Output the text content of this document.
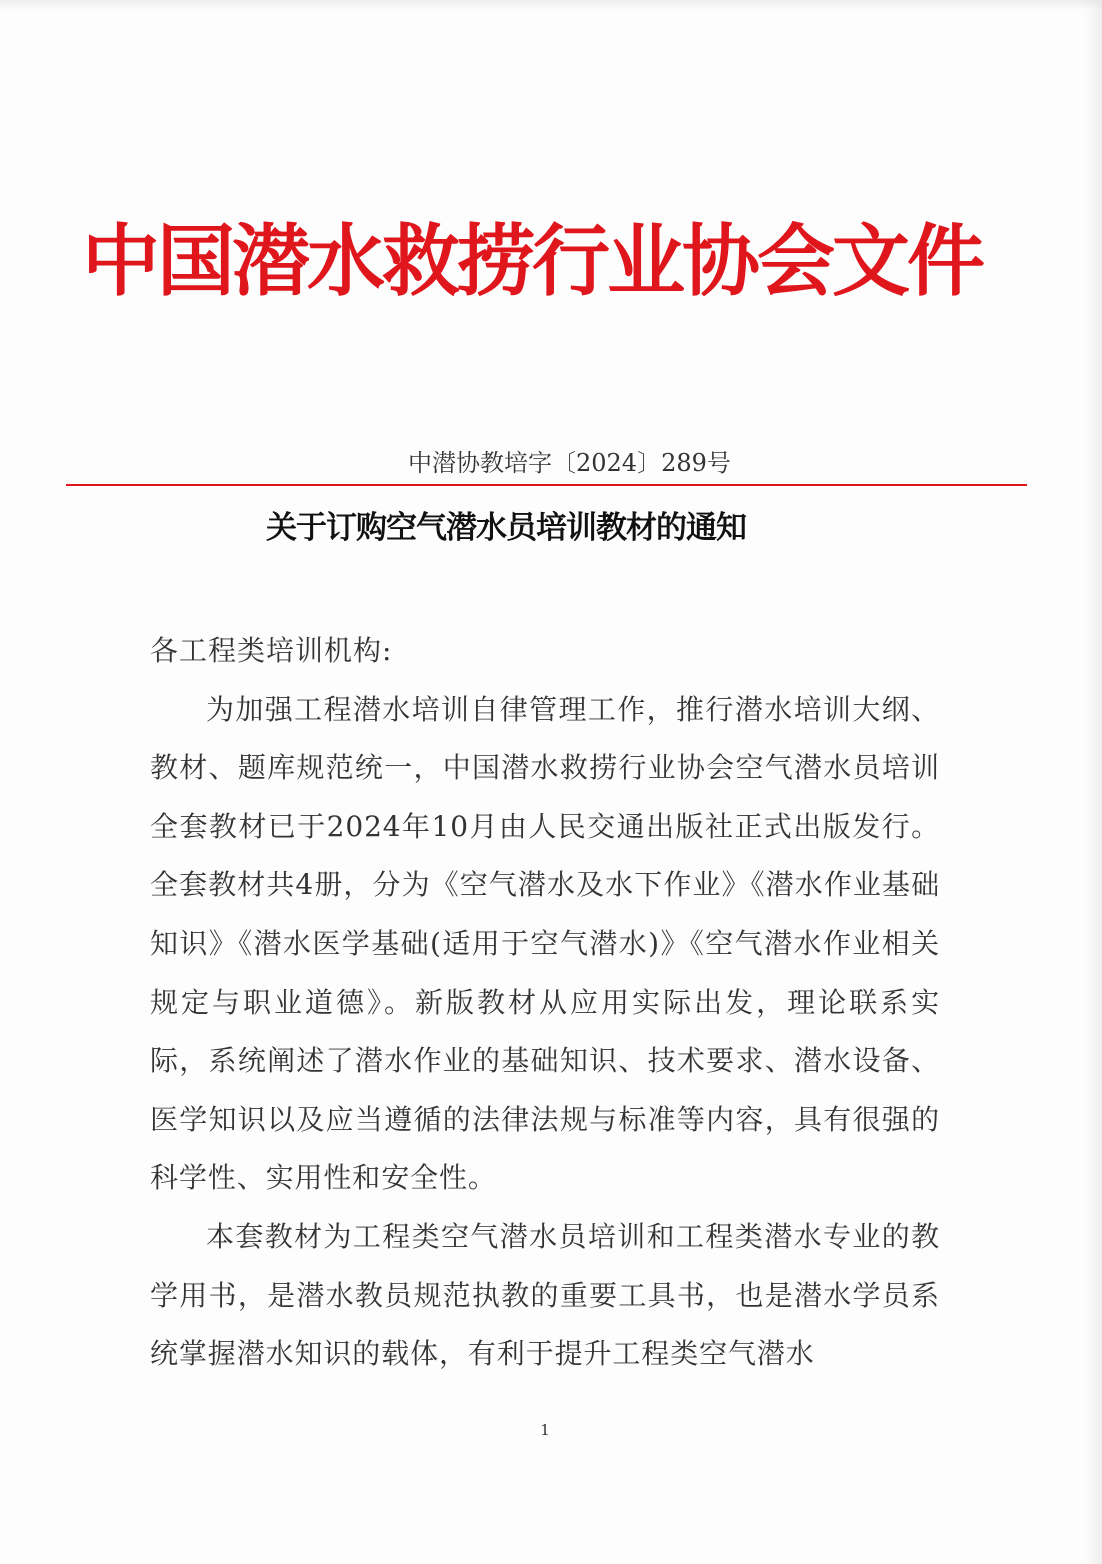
中国潜水救捞行业协会文件
中潜协教培字〔2024〕289号
关于订购空气潜水员培训教材的通知

各工程类培训机构:

为加强工程潜水培训自律管理工作，推行潜水培训大纲、教材、题库规范统一，中国潜水救捞行业协会空气潜水员培训全套教材已于2024年10月由人民交通出版社正式出版发行。全套教材共4册，分为《空气潜水及水下作业》《潜水作业基础知识》《潜水医学基础(适用于空气潜水)》《空气潜水作业相关规定与职业道德》。新版教材从应用实际出发，理论联系实际，系统阐述了潜水作业的基础知识、技术要求、潜水设备、医学知识以及应当遵循的法律法规与标准等内容，具有很强的科学性、实用性和安全性。

本套教材为工程类空气潜水员培训和工程类潜水专业的教学用书，是潜水教员规范执教的重要工具书，也是潜水学员系统掌握潜水知识的载体，有利于提升工程类空气潜水

1
